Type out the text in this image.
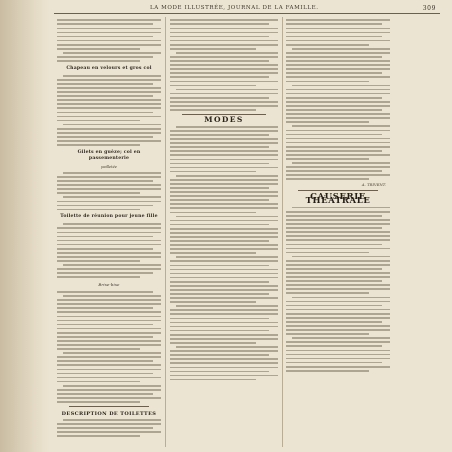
LA MODE ILLUSTRÉE, JOURNAL DE LA FAMILLE.	309
Chapeau en velours et gros col
Gilets en guèze; col en passementerie
pailletée
Toilette de réunion pour jeune fille
Brise-bise
DESCRIPTION DE TOILETTES
MODES
A. TRIVENT.
CAUSERIE THÉATRALE
